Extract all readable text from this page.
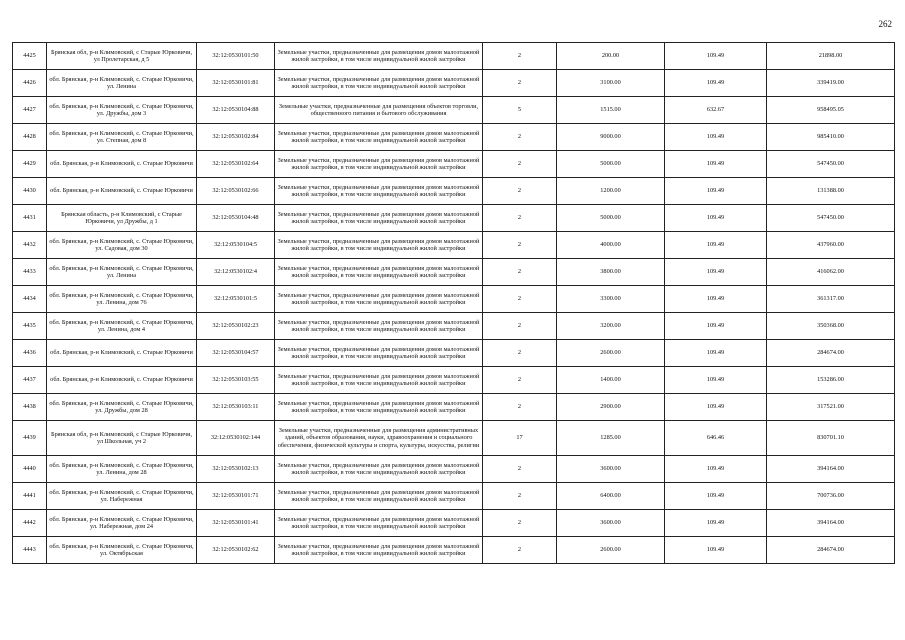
262
4425	Брянская обл, р-н Климовский, с Старые Юрковичи, ул Пролетарская, д 5	32:12:0530101:50	Земельные участки, предназначенные для размещения домов малоэтажной жилой застройки, в том числе индивидуальной жилой застройки	2	200.00	109.49	21898.00
4426	обл. Брянская, р-н Климовский, с. Старые Юрковичи, ул. Ленина	32:12:0530101:81	Земельные участки, предназначенные для размещения домов малоэтажной жилой застройки, в том числе индивидуальной жилой застройки	2	3100.00	109.49	339419.00
4427	обл. Брянская, р-н Климовский, с. Старые Юрковичи, ул. Дружбы, дом 3	32:12:0530104:88	Земельные участки, предназначенные для размещения объектов торговли, общественного питания и бытового обслуживания	5	1515.00	632.67	958495.05
4428	обл. Брянская, р-н Климовский, с. Старые Юрковичи, ул. Степная, дом 8	32:12:0530102:84	Земельные участки, предназначенные для размещения домов малоэтажной жилой застройки, в том числе индивидуальной жилой застройки	2	9000.00	109.49	985410.00
4429	обл. Брянская, р-н Климовский, с. Старые Юрковичи	32:12:0530102:64	Земельные участки, предназначенные для размещения домов малоэтажной жилой застройки, в том числе индивидуальной жилой застройки	2	5000.00	109.49	547450.00
4430	обл. Брянская, р-н Климовский, с. Старые Юрковичи	32:12:0530102:66	Земельные участки, предназначенные для размещения домов малоэтажной жилой застройки, в том числе индивидуальной жилой застройки	2	1200.00	109.49	131388.00
4431	Брянская область, р-н Климовский, с Старые Юрковичи, ул Дружбы, д 1	32:12:0530104:48	Земельные участки, предназначенные для размещения домов малоэтажной жилой застройки, в том числе индивидуальной жилой застройки	2	5000.00	109.49	547450.00
4432	обл. Брянская, р-н Климовский, с. Старые Юрковичи, ул. Садовая, дом 30	32:12:0530104:5	Земельные участки, предназначенные для размещения домов малоэтажной жилой застройки, в том числе индивидуальной жилой застройки	2	4000.00	109.49	437960.00
4433	обл. Брянская, р-н Климовский, с. Старые Юрковичи, ул. Ленина	32:12:0530102:4	Земельные участки, предназначенные для размещения домов малоэтажной жилой застройки, в том числе индивидуальной жилой застройки	2	3800.00	109.49	416062.00
4434	обл. Брянская, р-н Климовский, с. Старые Юрковичи, ул. Ленина, дом 76	32:12:0530101:5	Земельные участки, предназначенные для размещения домов малоэтажной жилой застройки, в том числе индивидуальной жилой застройки	2	3300.00	109.49	361317.00
4435	обл. Брянская, р-н Климовский, с. Старые Юрковичи, ул. Ленина, дом 4	32:12:0530102:23	Земельные участки, предназначенные для размещения домов малоэтажной жилой застройки, в том числе индивидуальной жилой застройки	2	3200.00	109.49	350368.00
4436	обл. Брянская, р-н Климовский, с. Старые Юрковичи	32:12:0530104:57	Земельные участки, предназначенные для размещения домов малоэтажной жилой застройки, в том числе индивидуальной жилой застройки	2	2600.00	109.49	284674.00
4437	обл. Брянская, р-н Климовский, с. Старые Юрковичи	32:12:0530103:55	Земельные участки, предназначенные для размещения домов малоэтажной жилой застройки, в том числе индивидуальной жилой застройки	2	1400.00	109.49	153286.00
4438	обл. Брянская, р-н Климовский, с. Старые Юрковичи, ул. Дружбы, дом 28	32:12:0530103:11	Земельные участки, предназначенные для размещения домов малоэтажной жилой застройки, в том числе индивидуальной жилой застройки	2	2900.00	109.49	317521.00
4439	Брянская обл, р-н Климовский, с Старые Юрковичи, ул Школьная, уч 2	32:12:0530102:144	Земельные участки, предназначенные для размещения административных зданий, объектов образования, науки, здравоохранения и социального обеспечения, физической культуры и спорта, культуры, искусства, религии	17	1285.00	646.46	830701.10
4440	обл. Брянская, р-н Климовский, с. Старые Юрковичи, ул. Ленина, дом 28	32:12:0530102:13	Земельные участки, предназначенные для размещения домов малоэтажной жилой застройки, в том числе индивидуальной жилой застройки	2	3600.00	109.49	394164.00
4441	обл. Брянская, р-н Климовский, с. Старые Юрковичи, ул. Набережная	32:12:0530101:71	Земельные участки, предназначенные для размещения домов малоэтажной жилой застройки, в том числе индивидуальной жилой застройки	2	6400.00	109.49	700736.00
4442	обл. Брянская, р-н Климовский, с. Старые Юрковичи, ул. Набережная, дом 24	32:12:0530101:41	Земельные участки, предназначенные для размещения домов малоэтажной жилой застройки, в том числе индивидуальной жилой застройки	2	3600.00	109.49	394164.00
4443	обл. Брянская, р-н Климовский, с. Старые Юрковичи, ул. Октябрьская	32:12:0530102:62	Земельные участки, предназначенные для размещения домов малоэтажной жилой застройки, в том числе индивидуальной жилой застройки	2	2600.00	109.49	284674.00
